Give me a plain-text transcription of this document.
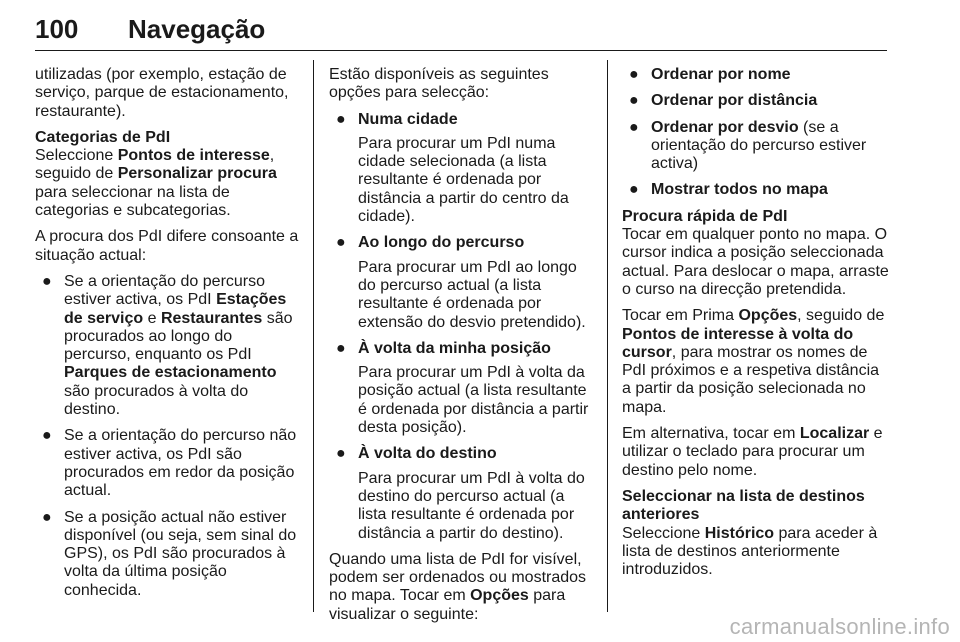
100 Navegação

utilizadas (por exemplo, estação de serviço, parque de estacionamento, restaurante).

Categorias de PdI
Seleccione Pontos de interesse, seguido de Personalizar procura para seleccionar na lista de categorias e subcategorias.

A procura dos PdI difere consoante a situação actual:

● Se a orientação do percurso estiver activa, os PdI Estações de serviço e Restaurantes são procurados ao longo do percurso, enquanto os PdI Parques de estacionamento são procurados à volta do destino.
● Se a orientação do percurso não estiver activa, os PdI são procurados em redor da posição actual.
● Se a posição actual não estiver disponível (ou seja, sem sinal do GPS), os PdI são procurados à volta da última posição conhecida.

Estão disponíveis as seguintes opções para selecção:

● Numa cidade
Para procurar um PdI numa cidade selecionada (a lista resultante é ordenada por distância a partir do centro da cidade).
● Ao longo do percurso
Para procurar um PdI ao longo do percurso actual (a lista resultante é ordenada por extensão do desvio pretendido).
● À volta da minha posição
Para procurar um PdI à volta da posição actual (a lista resultante é ordenada por distância a partir desta posição).
● À volta do destino
Para procurar um PdI à volta do destino do percurso actual (a lista resultante é ordenada por distância a partir do destino).

Quando uma lista de PdI for visível, podem ser ordenados ou mostrados no mapa. Tocar em Opções para visualizar o seguinte:

● Ordenar por nome
● Ordenar por distância
● Ordenar por desvio (se a orientação do percurso estiver activa)
● Mostrar todos no mapa

Procura rápida de PdI
Tocar em qualquer ponto no mapa. O cursor indica a posição seleccionada actual. Para deslocar o mapa, arraste o curso na direcção pretendida.

Tocar em Prima Opções, seguido de Pontos de interesse à volta do cursor, para mostrar os nomes de PdI próximos e a respetiva distância a partir da posição selecionada no mapa.

Em alternativa, tocar em Localizar e utilizar o teclado para procurar um destino pelo nome.

Seleccionar na lista de destinos anteriores
Seleccione Histórico para aceder à lista de destinos anteriormente introduzidos.

carmanualsonline.info
